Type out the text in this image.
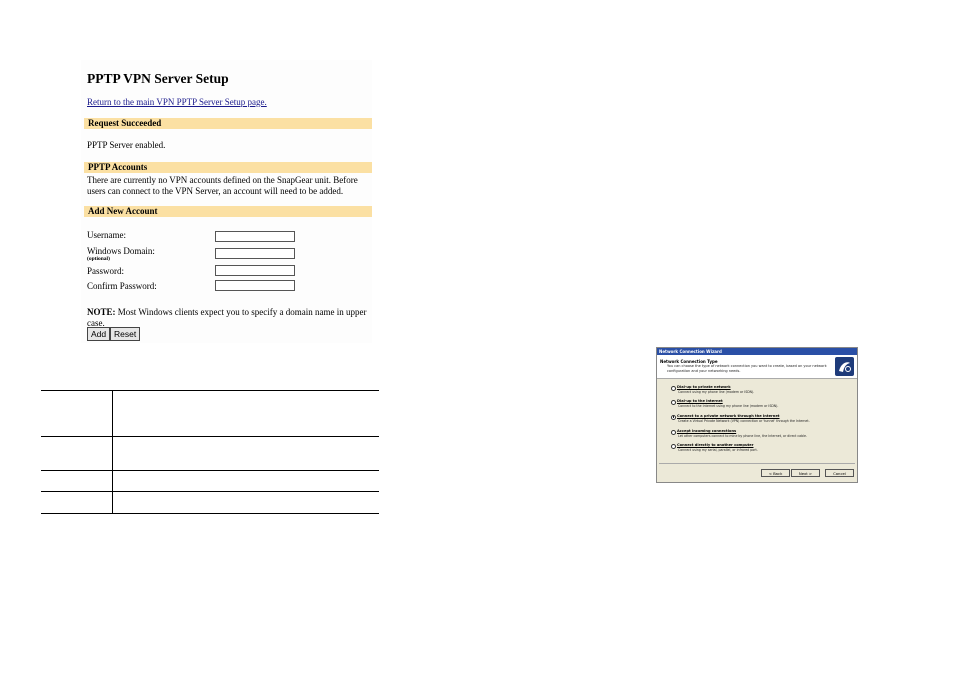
PPTP VPN Server Setup
Return to the main VPN PPTP Server Setup page.
Request Succeeded
PPTP Server enabled.
PPTP Accounts
There are currently no VPN accounts defined on the SnapGear unit. Before users can connect to the VPN Server, an account will need to be added.
Add New Account
Username:
Windows Domain:
(optional)
Password:
Confirm Password:
NOTE: Most Windows clients expect you to specify a domain name in upper case.
Add Reset
Network Connection Wizard
Network Connection Type
You can choose the type of network connection you want to create, based on your network configuration and your networking needs.
Dial-up to private network
Connect using my phone line (modem or ISDN).
Dial-up to the Internet
Connect to the Internet using my phone line (modem or ISDN).
Connect to a private network through the Internet
Create a Virtual Private Network (VPN) connection or 'tunnel' through the Internet.
Accept incoming connections
Let other computers connect to mine by phone line, the Internet, or direct cable.
Connect directly to another computer
Connect using my serial, parallel, or infrared port.
< Back	Next >	Cancel
